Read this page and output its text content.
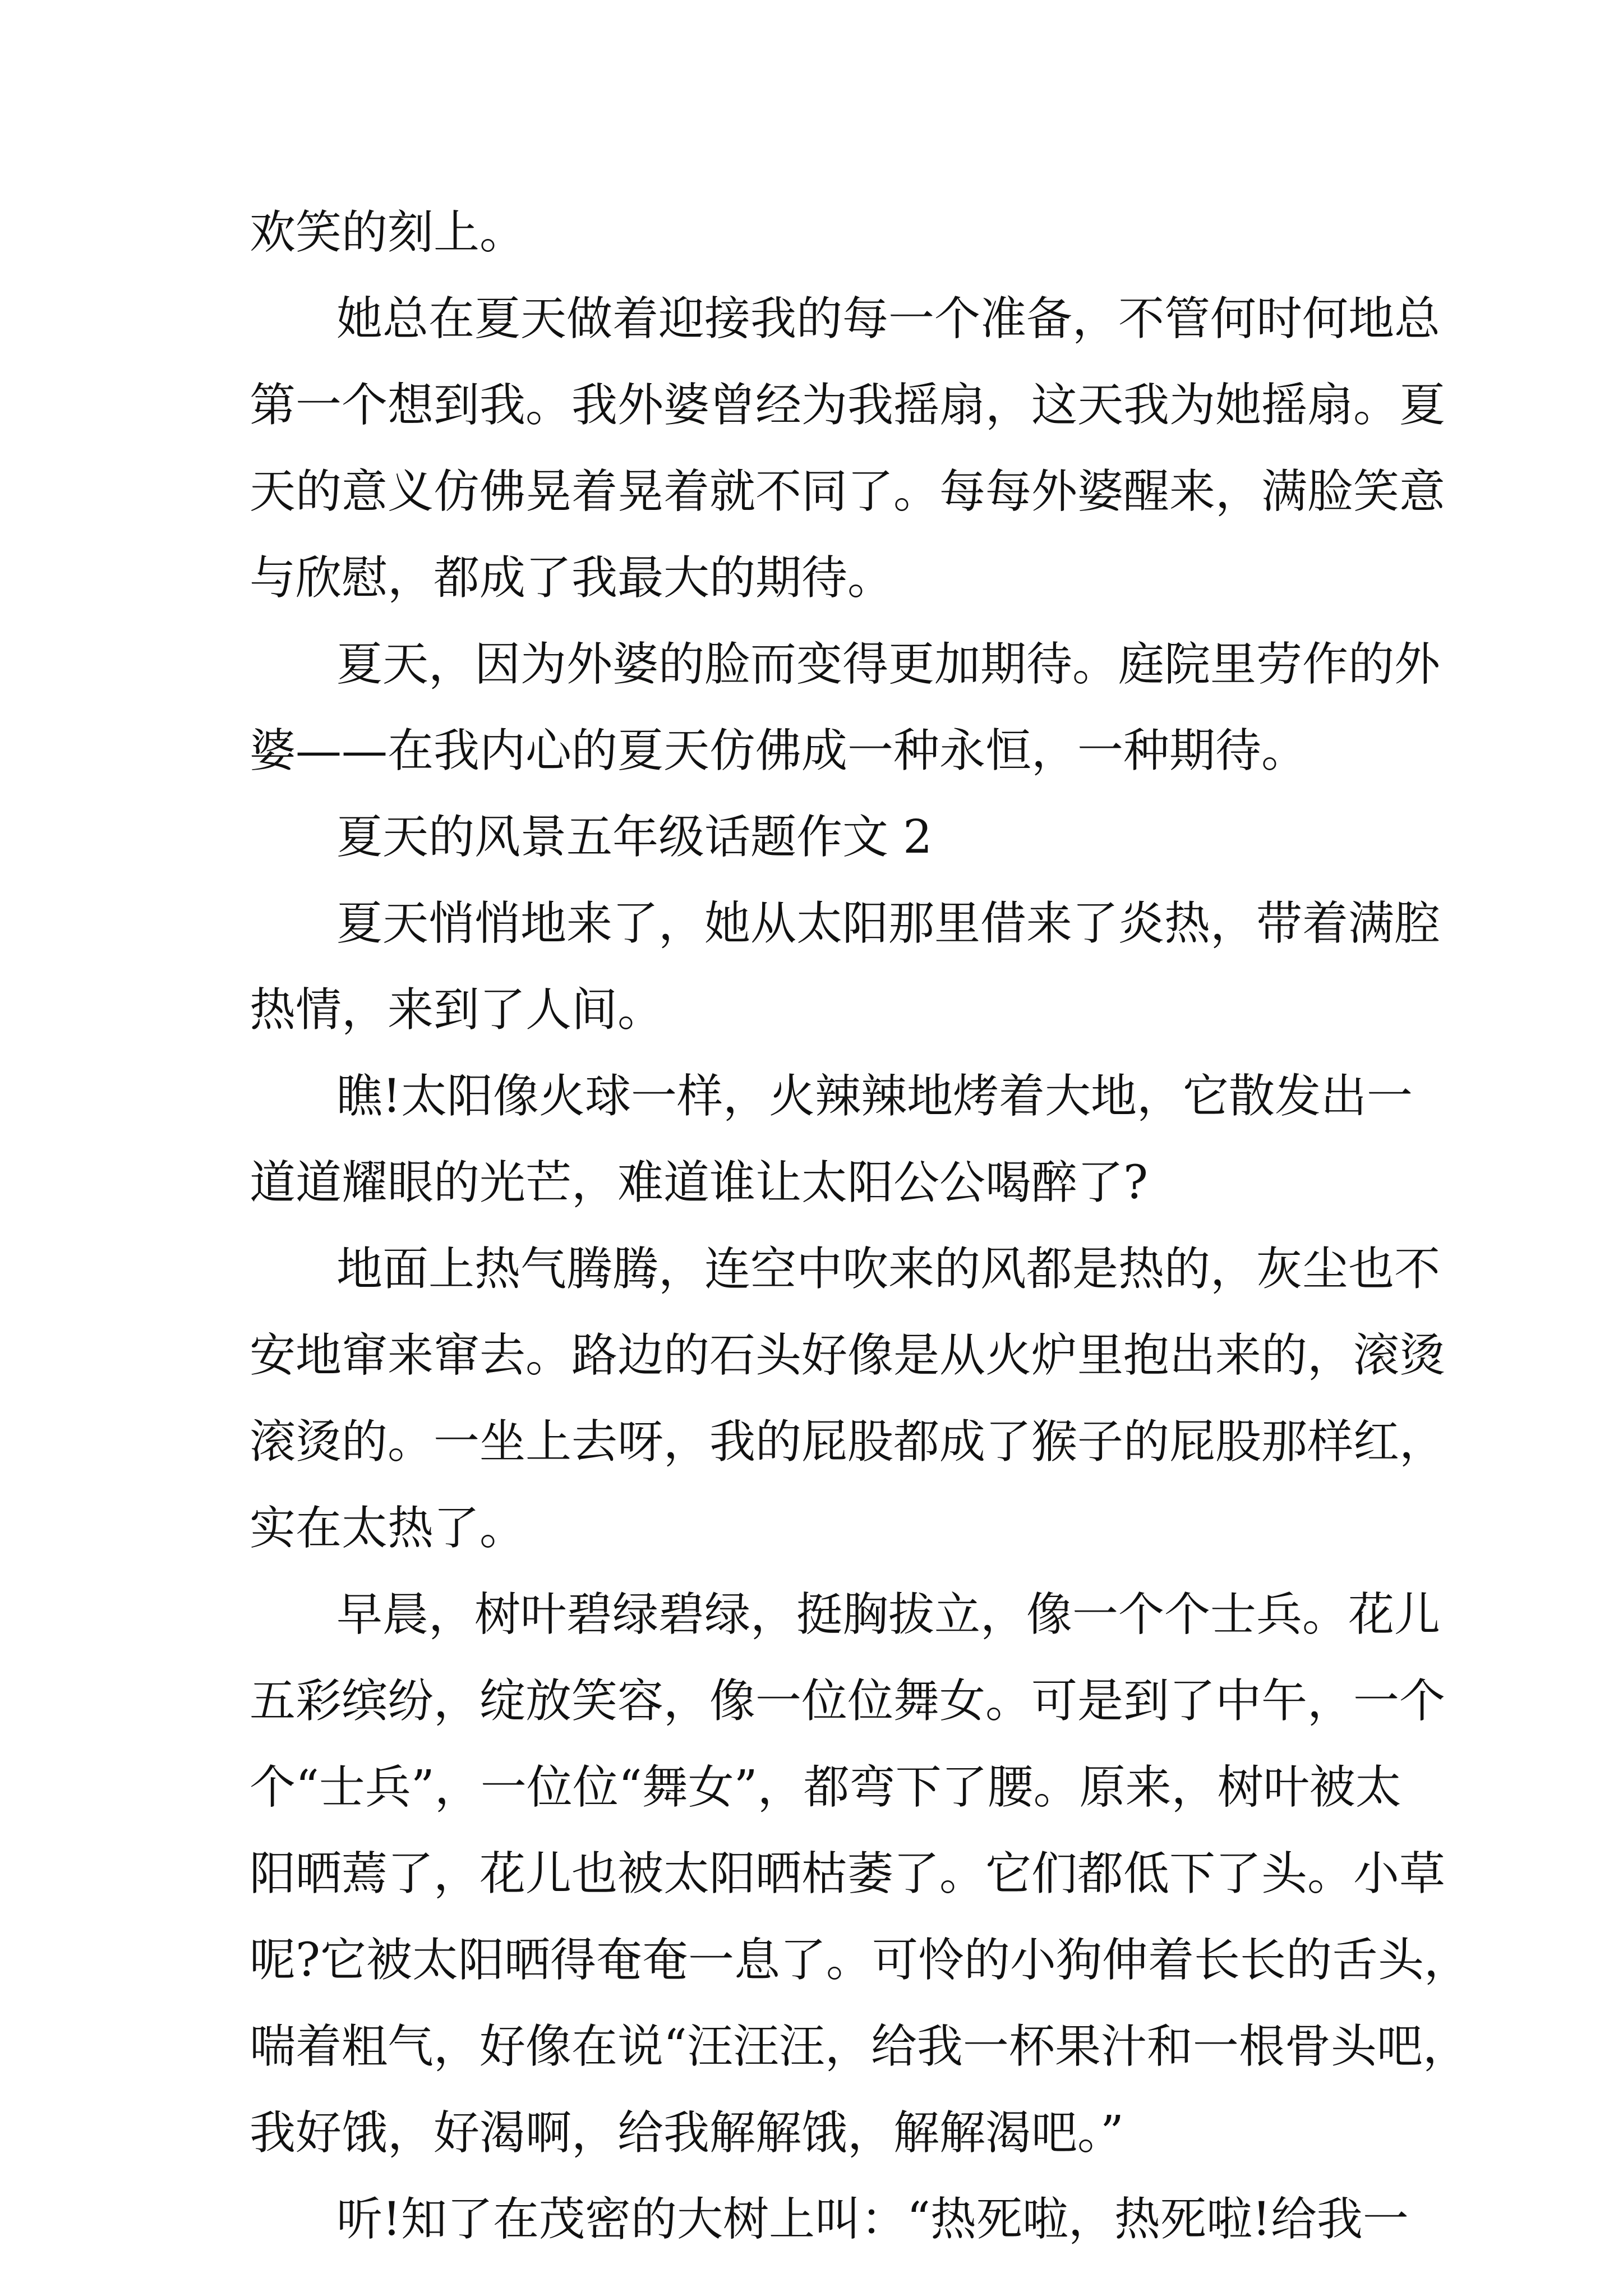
欢笑的刻上。

她总在夏天做着迎接我的每一个准备，不管何时何地总

第一个想到我。我外婆曾经为我摇扇，这天我为她摇扇。夏

天的意义仿佛晃着晃着就不同了。每每外婆醒来，满脸笑意

与欣慰，都成了我最大的期待。

夏天，因为外婆的脸而变得更加期待。庭院里劳作的外

婆——在我内心的夏天仿佛成一种永恒，一种期待。

夏天的风景五年级话题作文 2

夏天悄悄地来了，她从太阳那里借来了炎热，带着满腔

热情，来到了人间。

瞧!太阳像火球一样，火辣辣地烤着大地，它散发出一

道道耀眼的光芒，难道谁让太阳公公喝醉了?

地面上热气腾腾，连空中吹来的风都是热的，灰尘也不

安地窜来窜去。路边的石头好像是从火炉里抱出来的，滚烫

滚烫的。一坐上去呀，我的屁股都成了猴子的屁股那样红，

实在太热了。

早晨，树叶碧绿碧绿，挺胸拔立，像一个个士兵。花儿

五彩缤纷，绽放笑容，像一位位舞女。可是到了中午，一个

个“士兵”，一位位“舞女”，都弯下了腰。原来，树叶被太

阳晒蔫了，花儿也被太阳晒枯萎了。它们都低下了头。小草

呢?它被太阳晒得奄奄一息了。可怜的小狗伸着长长的舌头，

喘着粗气，好像在说“汪汪汪，给我一杯果汁和一根骨头吧，

我好饿，好渴啊，给我解解饿，解解渴吧。”

听!知了在茂密的大树上叫：“热死啦，热死啦!给我一
